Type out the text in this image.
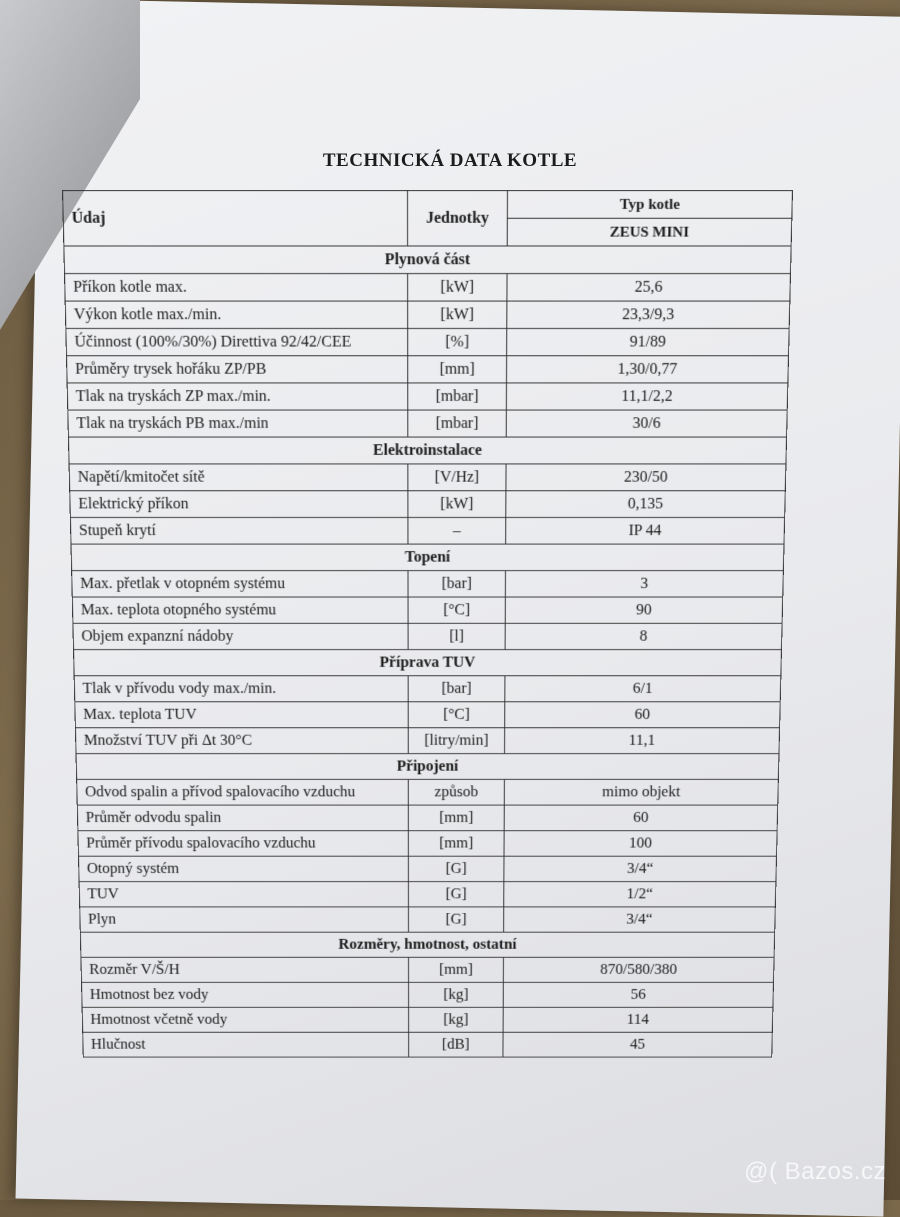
TECHNICKÁ DATA KOTLE
Údaj	Jednotky	Typ kotle
		ZEUS MINI
Plynová část		
Příkon kotle max.	[kW]	25,6
Výkon kotle max./min.	[kW]	23,3/9,3
Účinnost (100%/30%) Direttiva 92/42/CEE	[%]	91/89
Průměry trysek hořáku ZP/PB	[mm]	1,30/0,77
Tlak na tryskách ZP max./min.	[mbar]	11,1/2,2
Tlak na tryskách PB max./min	[mbar]	30/6
Elektroinstalace		
Napětí/kmitočet sítě	[V/Hz]	230/50
Elektrický příkon	[kW]	0,135
Stupeň krytí	–	IP 44
Topení		
Max. přetlak v otopném systému	[bar]	3
Max. teplota otopného systému	[°C]	90
Objem expanzní nádoby	[l]	8
Příprava TUV		
Tlak v přívodu vody max./min.	[bar]	6/1
Max. teplota TUV	[°C]	60
Množství TUV při Δt 30°C	[litry/min]	11,1
Připojení		
Odvod spalin a přívod spalovacího vzduchu	způsob	mimo objekt
Průměr odvodu spalin	[mm]	60
Průměr přívodu spalovacího vzduchu	[mm]	100
Otopný systém	[G]	3/4“
TUV	[G]	1/2“
Plyn	[G]	3/4“
Rozměry, hmotnost, ostatní		
Rozměr V/Š/H	[mm]	870/580/380
Hmotnost bez vody	[kg]	56
Hmotnost včetně vody	[kg]	114
Hlučnost	[dB]	45
@( Bazos.cz
